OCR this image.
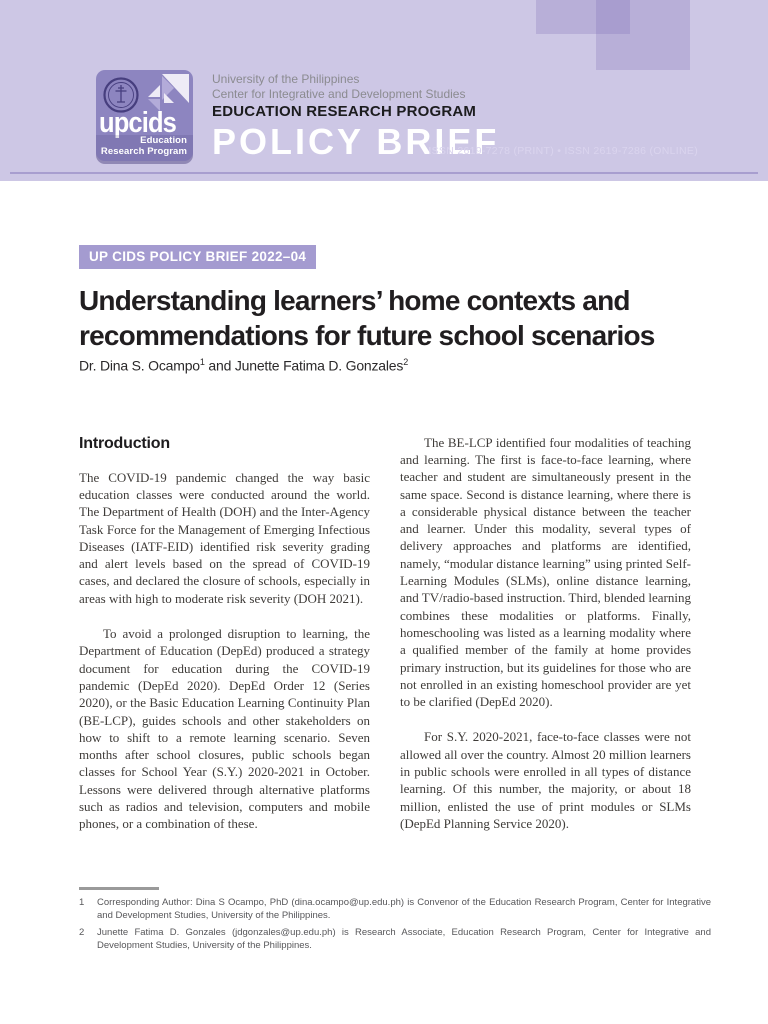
upcids
Education
Research Program
University of the Philippines
Center for Integrative and Development Studies
EDUCATION RESEARCH PROGRAM
POLICY BRIEF
ISSN 2619-7278 (PRINT) • ISSN 2619-7286 (ONLINE)
UP CIDS POLICY BRIEF 2022–04
Understanding learners’ home contexts and
recommendations for future school scenarios
Dr. Dina S. Ocampo$^1$ and Junette Fatima D. Gonzales$^2$
Introduction

The COVID-19 pandemic changed the way basic education classes were conducted around the world. The Department of Health (DOH) and the Inter-Agency Task Force for the Management of Emerging Infectious Diseases (IATF-EID) identified risk severity grading and alert levels based on the spread of COVID-19 cases, and declared the closure of schools, especially in areas with high to moderate risk severity (DOH 2021).

To avoid a prolonged disruption to learning, the Department of Education (DepEd) produced a strategy document for education during the COVID-19 pandemic (DepEd 2020). DepEd Order 12 (Series 2020), or the Basic Education Learning Continuity Plan (BE-LCP), guides schools and other stakeholders on how to shift to a remote learning scenario. Seven months after school closures, public schools began classes for School Year (S.Y.) 2020-2021 in October. Lessons were delivered through alternative platforms such as radios and television, computers and mobile phones, or a combination of these.

The BE-LCP identified four modalities of teaching and learning. The first is face-to-face learning, where teacher and student are simultaneously present in the same space. Second is distance learning, where there is a considerable physical distance between the teacher and learner. Under this modality, several types of delivery approaches and platforms are identified, namely, “modular distance learning” using printed Self-Learning Modules (SLMs), online distance learning, and TV/radio-based instruction. Third, blended learning combines these modalities or platforms. Finally, homeschooling was listed as a learning modality where a qualified member of the family at home provides primary instruction, but its guidelines for those who are not enrolled in an existing homeschool provider are yet to be clarified (DepEd 2020).

For S.Y. 2020-2021, face-to-face classes were not allowed all over the country. Almost 20 million learners in public schools were enrolled in all types of distance learning. Of this number, the majority, or about 18 million, enlisted the use of print modules or SLMs (DepEd Planning Service 2020).

1	Corresponding Author: Dina S Ocampo, PhD (dina.ocampo@up.edu.ph) is Convenor of the Education Research Program, Center for Integrative and Development Studies, University of the Philippines.
2	Junette Fatima D. Gonzales (jdgonzales@up.edu.ph) is Research Associate, Education Research Program, Center for Integrative and Development Studies, University of the Philippines.
